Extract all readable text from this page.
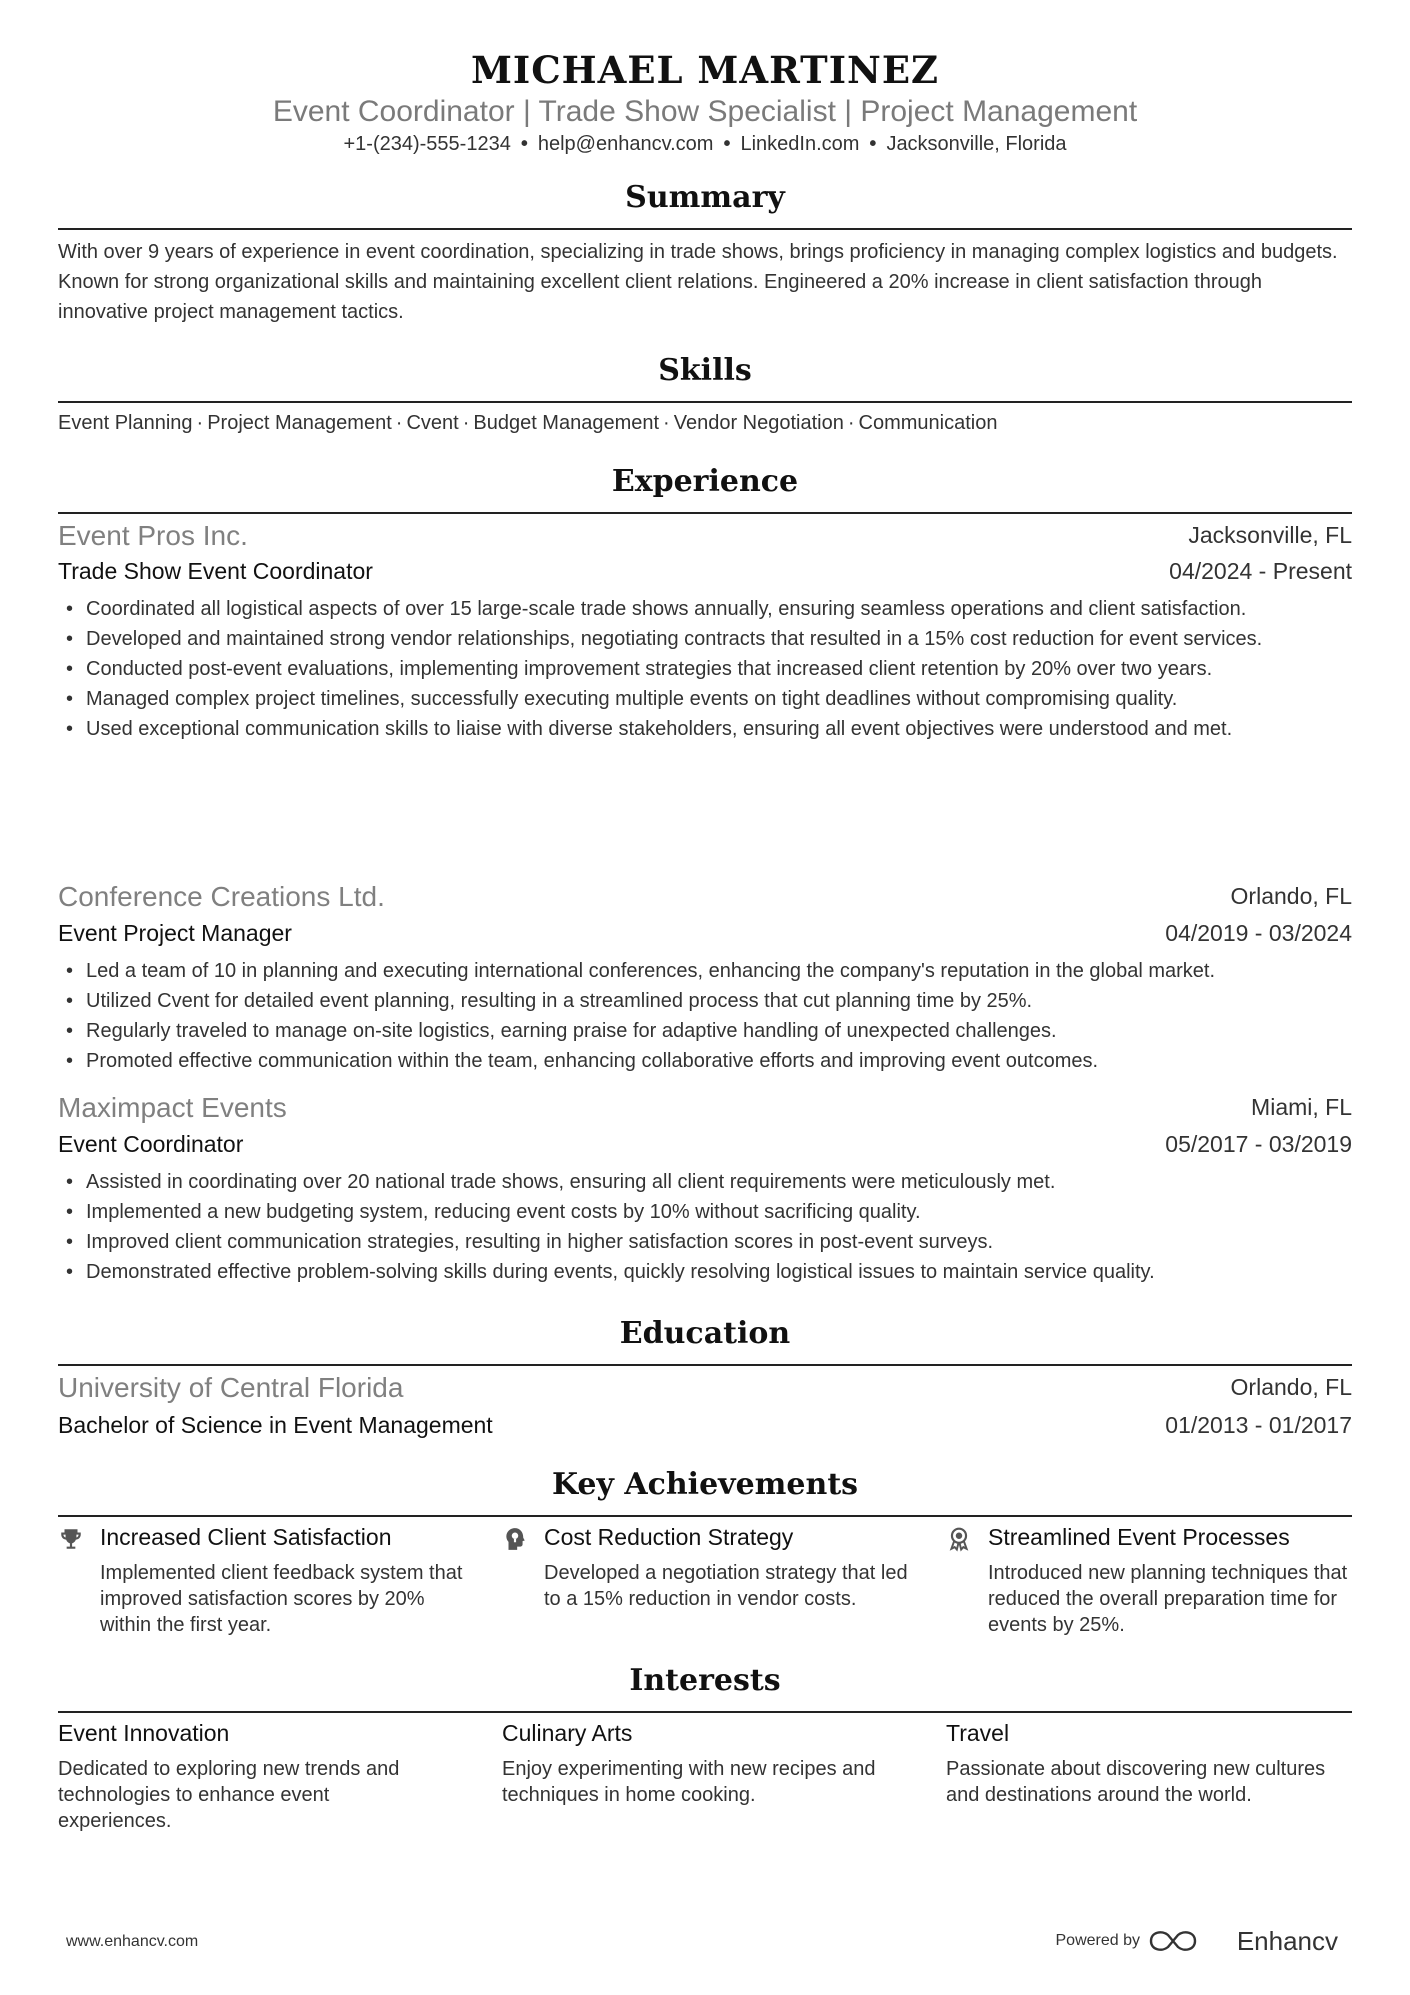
MICHAEL MARTINEZ
Event Coordinator | Trade Show Specialist | Project Management
+1-(234)-555-1234 • help@enhancv.com • LinkedIn.com • Jacksonville, Florida
Summary
With over 9 years of experience in event coordination, specializing in trade shows, brings proficiency in managing complex logistics and budgets. Known for strong organizational skills and maintaining excellent client relations. Engineered a 20% increase in client satisfaction through innovative project management tactics.
Skills
Event Planning · Project Management · Cvent · Budget Management · Vendor Negotiation · Communication
Experience
Event Pros Inc.	Jacksonville, FL
Trade Show Event Coordinator	04/2024 - Present
• Coordinated all logistical aspects of over 15 large-scale trade shows annually, ensuring seamless operations and client satisfaction.
• Developed and maintained strong vendor relationships, negotiating contracts that resulted in a 15% cost reduction for event services.
• Conducted post-event evaluations, implementing improvement strategies that increased client retention by 20% over two years.
• Managed complex project timelines, successfully executing multiple events on tight deadlines without compromising quality.
• Used exceptional communication skills to liaise with diverse stakeholders, ensuring all event objectives were understood and met.
Conference Creations Ltd.	Orlando, FL
Event Project Manager	04/2019 - 03/2024
• Led a team of 10 in planning and executing international conferences, enhancing the company's reputation in the global market.
• Utilized Cvent for detailed event planning, resulting in a streamlined process that cut planning time by 25%.
• Regularly traveled to manage on-site logistics, earning praise for adaptive handling of unexpected challenges.
• Promoted effective communication within the team, enhancing collaborative efforts and improving event outcomes.
Maximpact Events	Miami, FL
Event Coordinator	05/2017 - 03/2019
• Assisted in coordinating over 20 national trade shows, ensuring all client requirements were meticulously met.
• Implemented a new budgeting system, reducing event costs by 10% without sacrificing quality.
• Improved client communication strategies, resulting in higher satisfaction scores in post-event surveys.
• Demonstrated effective problem-solving skills during events, quickly resolving logistical issues to maintain service quality.
Education
University of Central Florida	Orlando, FL
Bachelor of Science in Event Management	01/2013 - 01/2017
Key Achievements
Increased Client Satisfaction
Implemented client feedback system that improved satisfaction scores by 20% within the first year.
Cost Reduction Strategy
Developed a negotiation strategy that led to a 15% reduction in vendor costs.
Streamlined Event Processes
Introduced new planning techniques that reduced the overall preparation time for events by 25%.
Interests
Event Innovation
Dedicated to exploring new trends and technologies to enhance event experiences.
Culinary Arts
Enjoy experimenting with new recipes and techniques in home cooking.
Travel
Passionate about discovering new cultures and destinations around the world.
www.enhancv.com	Powered by	Enhancv
